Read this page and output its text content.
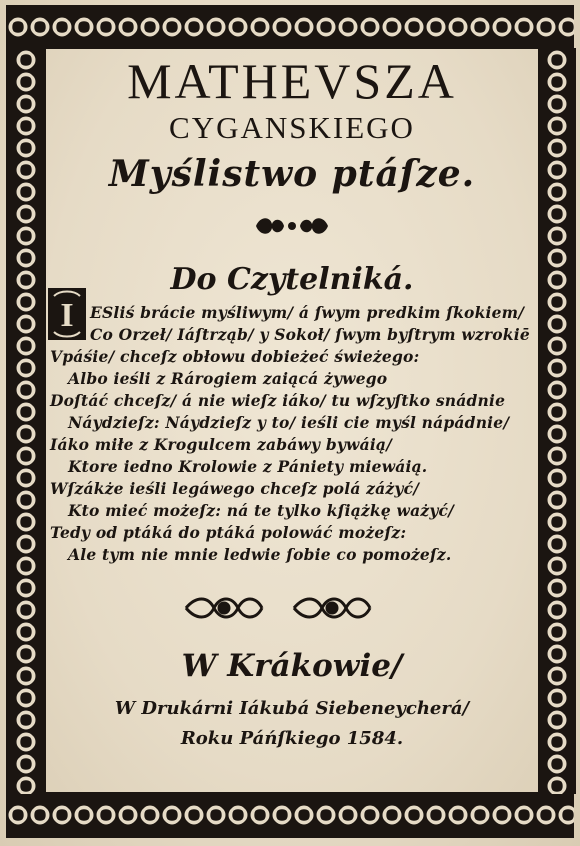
MATHEVSZA
CYGANSKIEGO
Myślistwo ptáſze.
Do Czytelniká.
I ESliś brácie myśliwym/ á ſwym predkim ſkokiem/
Co Orzeł/ Iáſtrząb/ y Sokoł/ ſwym byſtrym wzrokiē
Vpáśie/ chceſz obłowu dobieżeć świeżego:
Albo ieśli z Rárogiem zaiącá żywego
Doſtáć chceſz/ á nie wieſz iáko/ tu wſzyſtko snádnie
Náydzieſz: Náydzieſz y to/ ieśli cie myśl nápádnie/
Iáko miłe z Krogulcem zabáwy bywáią/
Ktore iedno Krolowie z Pániety miewáią.
Wſzákże ieśli legáwego chceſz polá záżyć/
Kto mieć możeſz: ná te tylko kſiążkę ważyć/
Tedy od ptáká do ptáká polowáć możeſz:
Ale tym nie mnie ledwie ſobie co pomożeſz.
W Krákowie/
W Drukárni Iákubá Siebeneycherá/
Roku Páńſkiego 1584.
